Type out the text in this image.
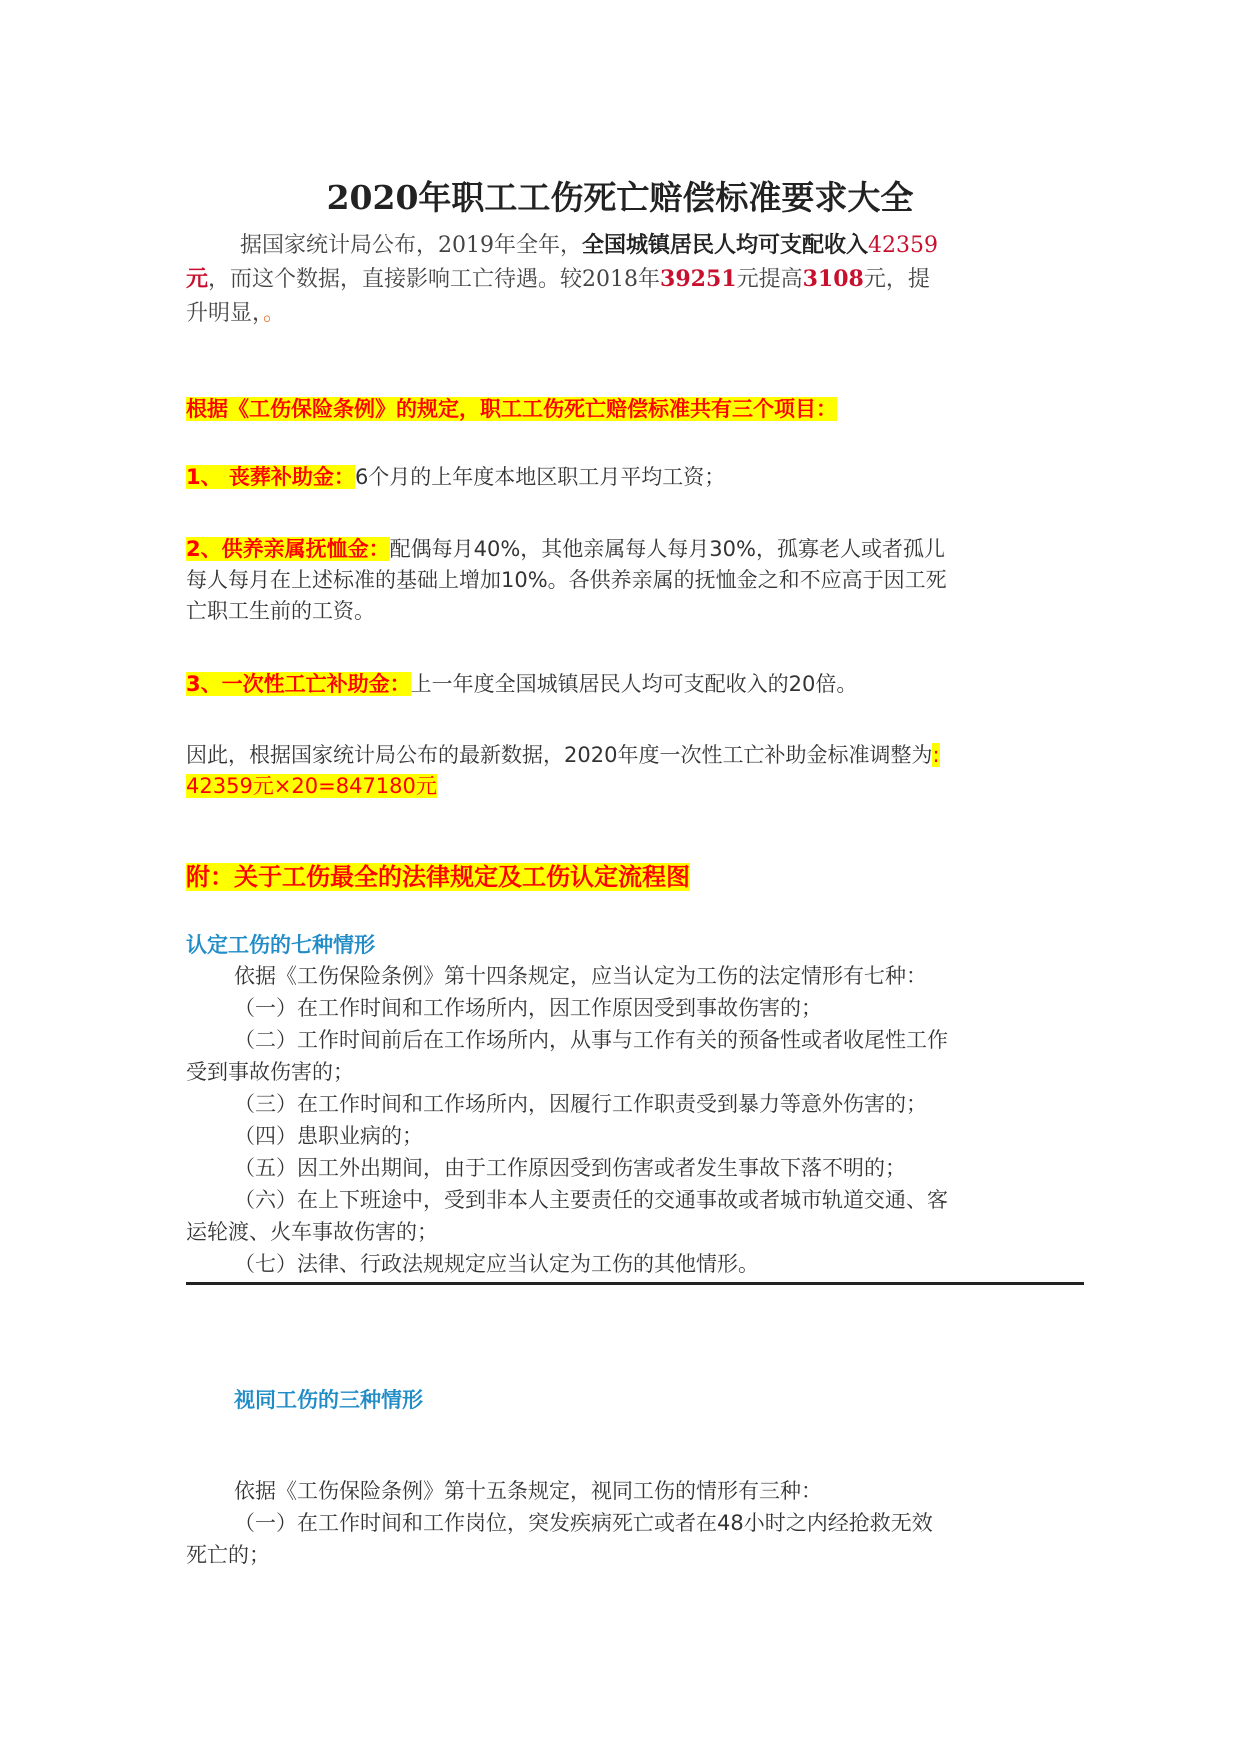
2020年职工工伤死亡赔偿标准要求大全
据国家统计局公布，2019年全年，全国城镇居民人均可支配收入42359
元，而这个数据，直接影响工亡待遇。较2018年39251元提高3108元，提
升明显，。
根据《工伤保险条例》的规定，职工工伤死亡赔偿标准共有三个项目：
1、 丧葬补助金：6个月的上年度本地区职工月平均工资；
2、供养亲属抚恤金：配偶每月40%，其他亲属每人每月30%，孤寡老人或者孤儿
每人每月在上述标准的基础上增加10%。各供养亲属的抚恤金之和不应高于因工死
亡职工生前的工资。
3、一次性工亡补助金：上一年度全国城镇居民人均可支配收入的20倍。
因此，根据国家统计局公布的最新数据，2020年度一次性工亡补助金标准调整为:
42359元×20=847180元
附：关于工伤最全的法律规定及工伤认定流程图
认定工伤的七种情形
依据《工伤保险条例》第十四条规定，应当认定为工伤的法定情形有七种：
（一）在工作时间和工作场所内，因工作原因受到事故伤害的；
（二）工作时间前后在工作场所内，从事与工作有关的预备性或者收尾性工作
受到事故伤害的；
（三）在工作时间和工作场所内，因履行工作职责受到暴力等意外伤害的；
（四）患职业病的；
（五）因工外出期间，由于工作原因受到伤害或者发生事故下落不明的；
（六）在上下班途中，受到非本人主要责任的交通事故或者城市轨道交通、客
运轮渡、火车事故伤害的；
（七）法律、行政法规规定应当认定为工伤的其他情形。
视同工伤的三种情形
依据《工伤保险条例》第十五条规定，视同工伤的情形有三种：
（一）在工作时间和工作岗位，突发疾病死亡或者在48小时之内经抢救无效
死亡的；
